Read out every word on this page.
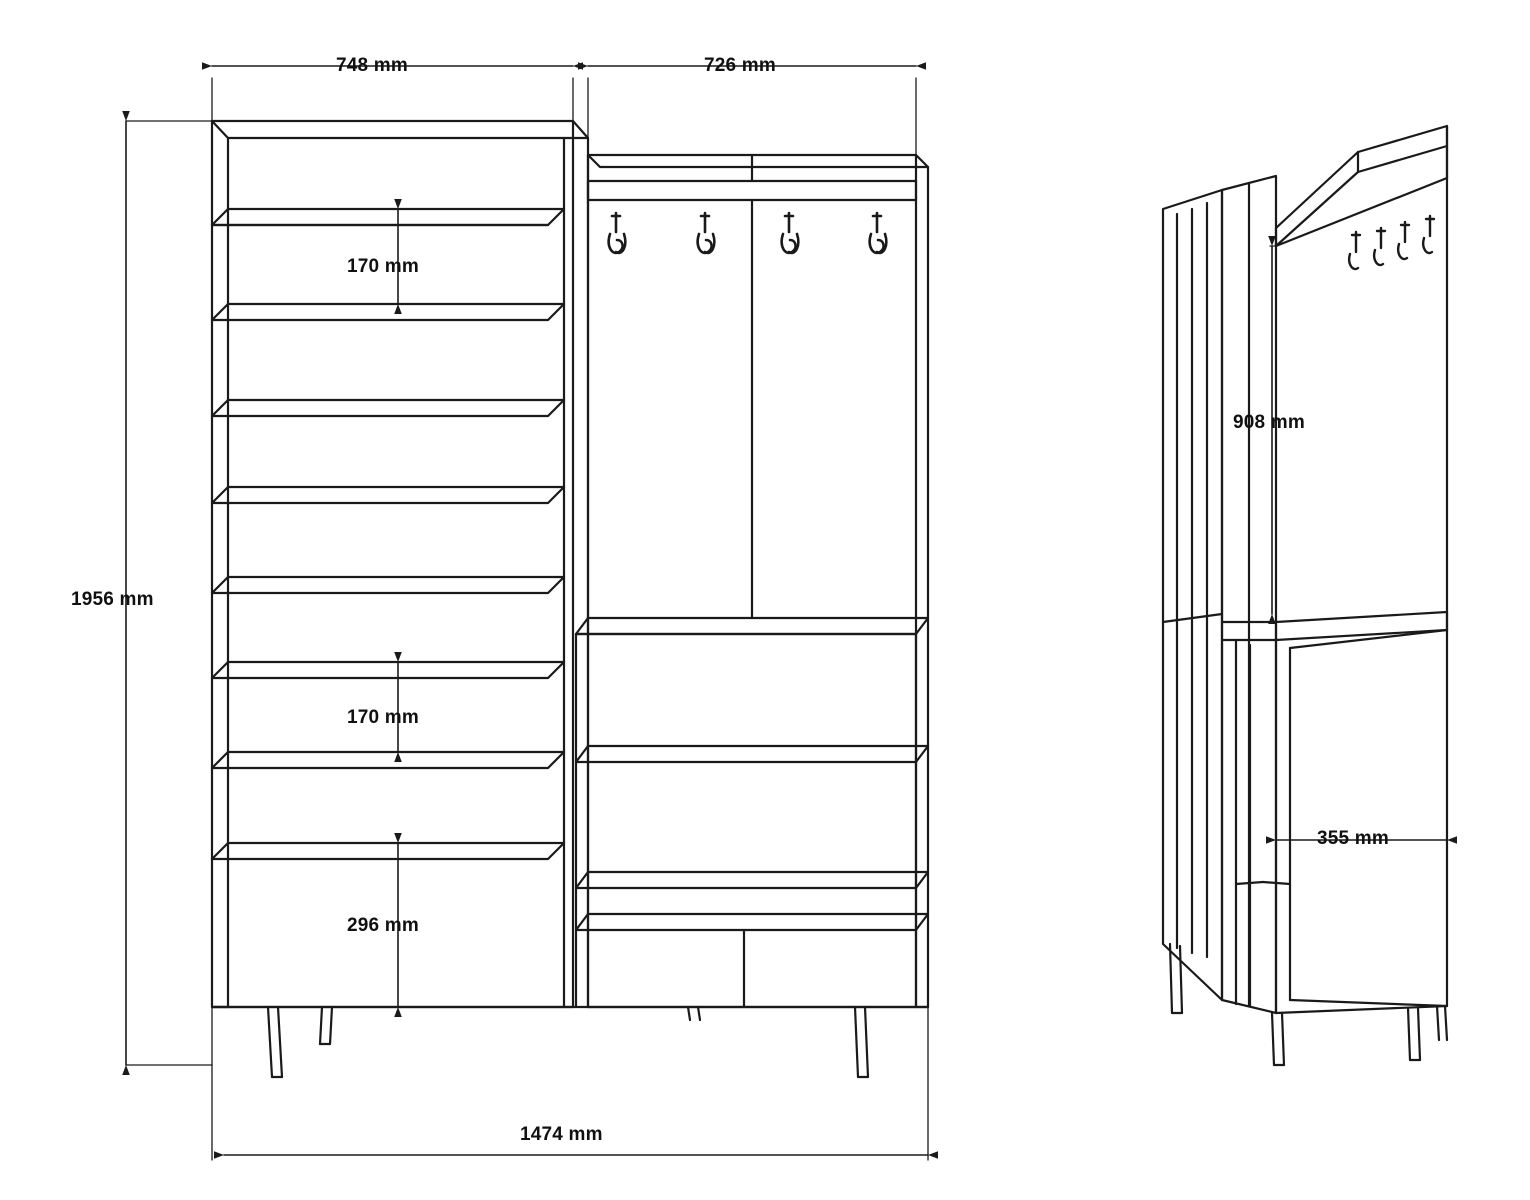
748 mm	726 mm
1956 mm
170 mm
170 mm
296 mm
908 mm
355 mm
1474 mm
